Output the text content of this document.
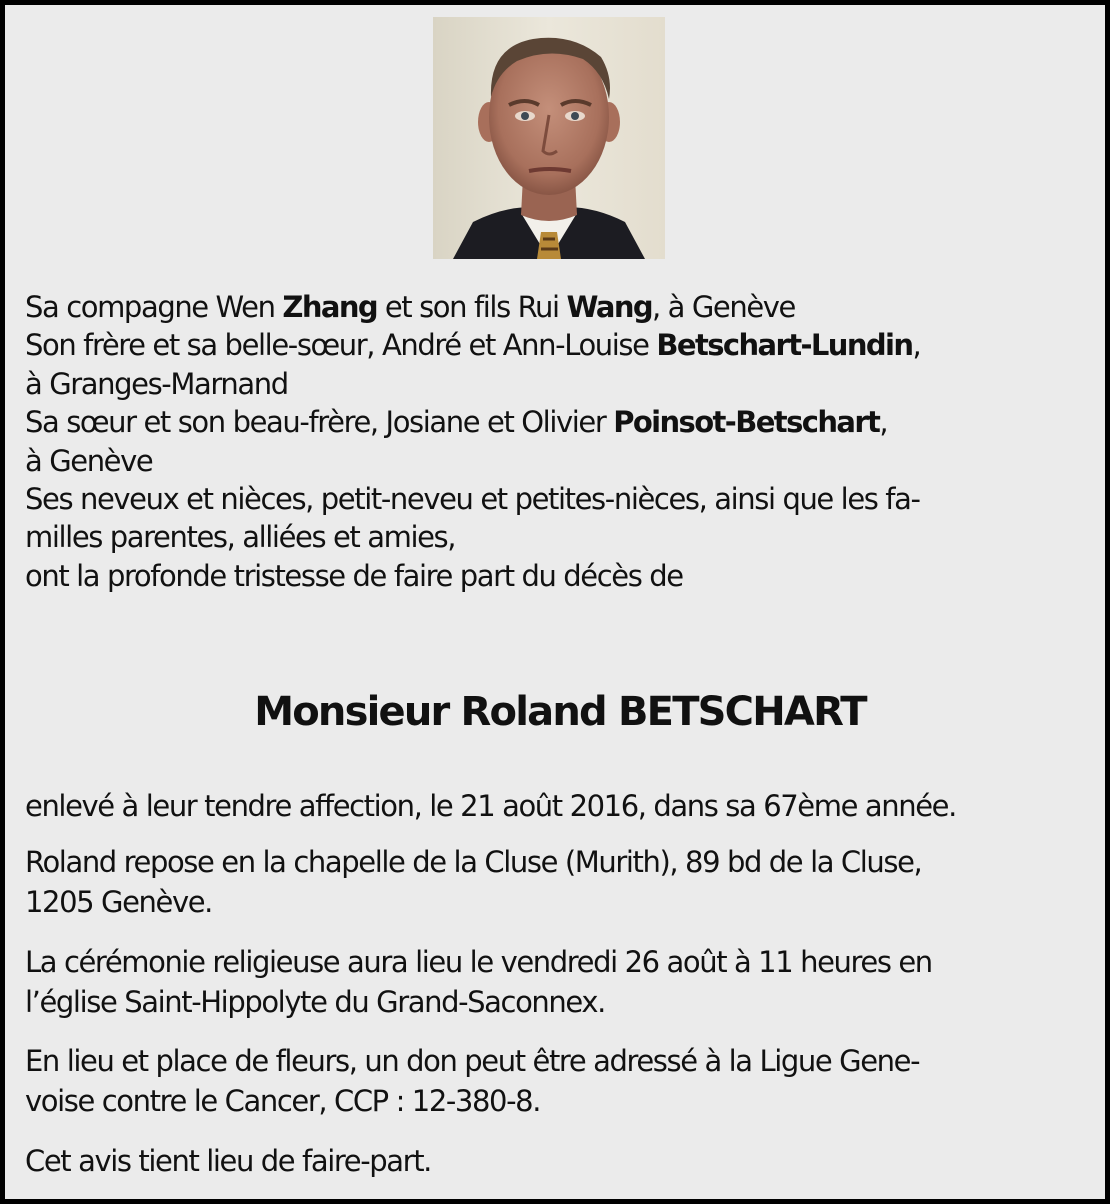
Sa compagne Wen Zhang et son fils Rui Wang, à Genève
Son frère et sa belle-sœur, André et Ann-Louise Betschart-Lundin,
à Granges-Marnand
Sa sœur et son beau-frère, Josiane et Olivier Poinsot-Betschart,
à Genève
Ses neveux et nièces, petit-neveu et petites-nièces, ainsi que les fa-
milles parentes, alliées et amies,
ont la profonde tristesse de faire part du décès de
Monsieur Roland BETSCHART
enlevé à leur tendre affection, le 21 août 2016, dans sa 67ème année.
Roland repose en la chapelle de la Cluse (Murith), 89 bd de la Cluse,
1205 Genève.
La cérémonie religieuse aura lieu le vendredi 26 août à 11 heures en
l’église Saint-Hippolyte du Grand-Saconnex.
En lieu et place de fleurs, un don peut être adressé à la Ligue Gene-
voise contre le Cancer, CCP : 12-380-8.
Cet avis tient lieu de faire-part.
